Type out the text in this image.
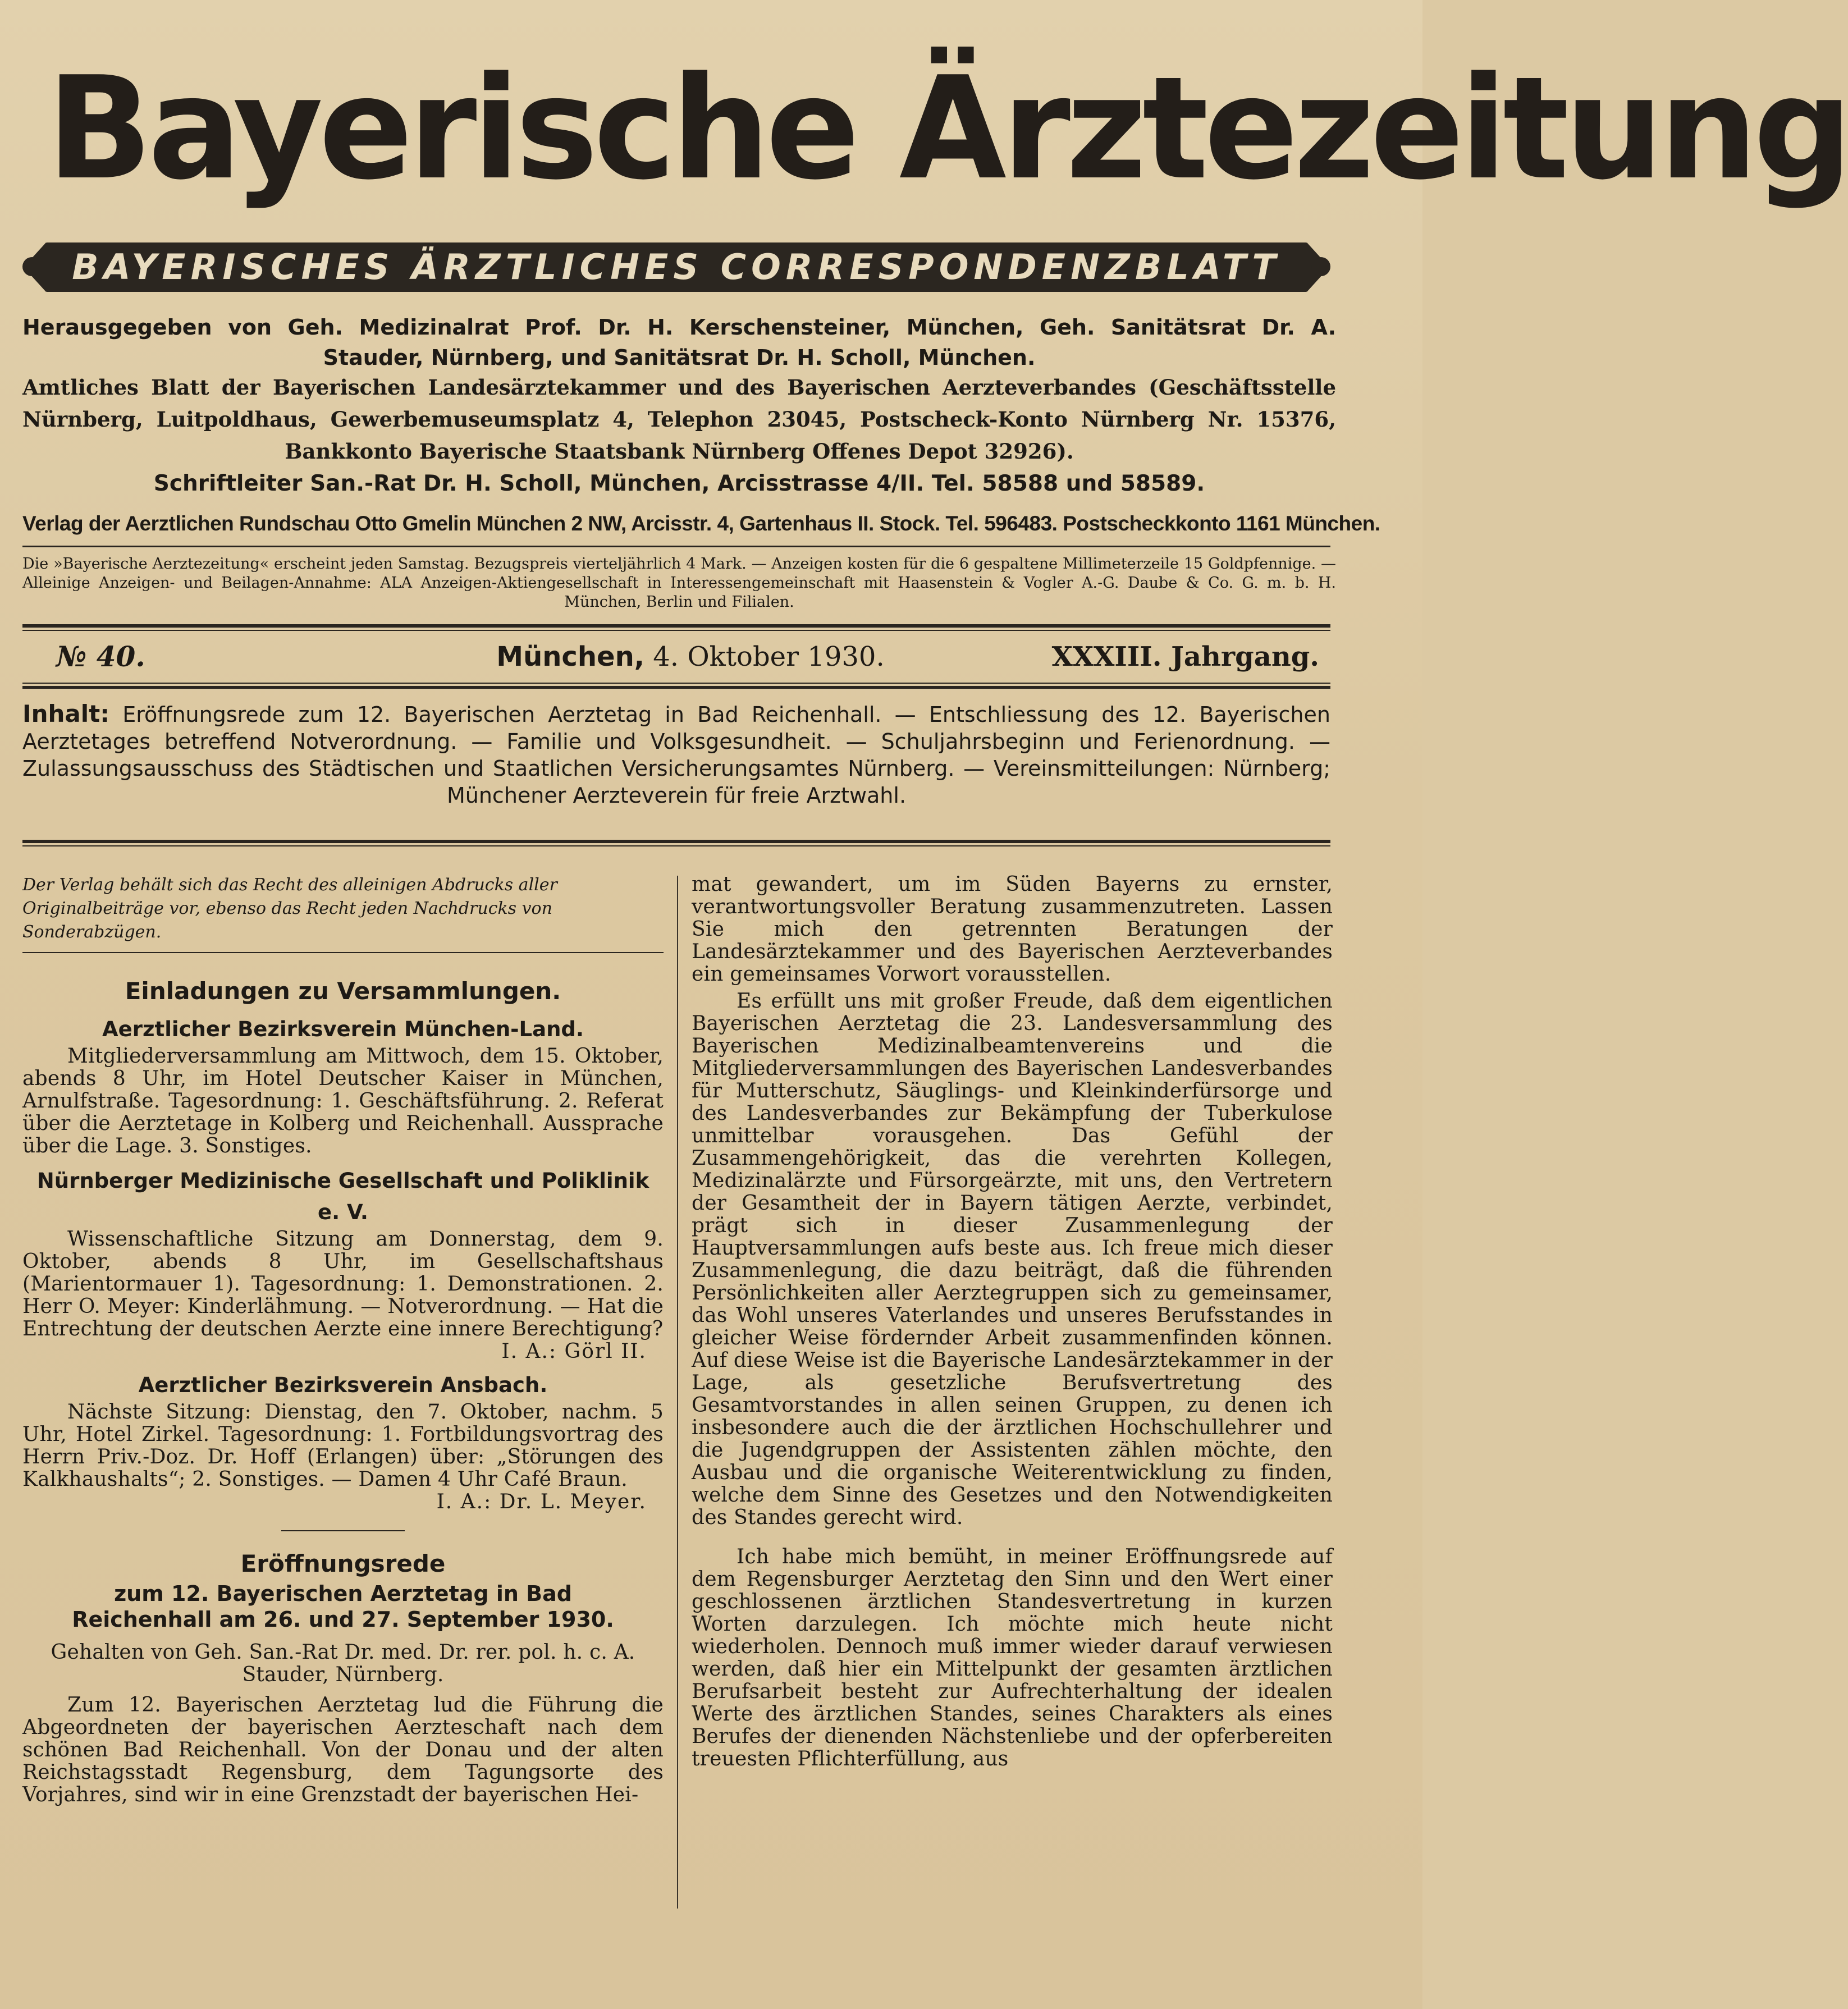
Bayerische Ärztezeitung
BAYERISCHES ÄRZTLICHES CORRESPONDENZBLATT
Herausgegeben von Geh. Medizinalrat Prof. Dr. H. Kerschensteiner, München, Geh. Sanitätsrat Dr. A. Stauder, Nürnberg, und Sanitätsrat Dr. H. Scholl, München.
Amtliches Blatt der Bayerischen Landesärztekammer und des Bayerischen Aerzteverbandes (Geschäftsstelle Nürnberg, Luitpoldhaus, Gewerbemuseumsplatz 4, Telephon 23045, Postscheck-Konto Nürnberg Nr. 15376, Bankkonto Bayerische Staatsbank Nürnberg Offenes Depot 32926).
Schriftleiter San.-Rat Dr. H. Scholl, München, Arcisstrasse 4/II. Tel. 58588 und 58589.
Verlag der Aerztlichen Rundschau Otto Gmelin München 2 NW, Arcisstr. 4, Gartenhaus II. Stock. Tel. 596483. Postscheckkonto 1161 München.
Die »Bayerische Aerztezeitung« erscheint jeden Samstag. Bezugspreis vierteljährlich 4 Mark. — Anzeigen kosten für die 6 gespaltene Millimeterzeile 15 Goldpfennige. — Alleinige Anzeigen- und Beilagen-Annahme: ALA Anzeigen-Aktiengesellschaft in Interessengemeinschaft mit Haasenstein & Vogler A.-G. Daube & Co. G. m. b. H. München, Berlin und Filialen.
№ 40.	München, 4. Oktober 1930.	XXXIII. Jahrgang.
Inhalt: Eröffnungsrede zum 12. Bayerischen Aerztetag in Bad Reichenhall. — Entschliessung des 12. Bayerischen Aerztetages betreffend Notverordnung. — Familie und Volksgesundheit. — Schuljahrsbeginn und Ferienordnung. — Zulassungsausschuss des Städtischen und Staatlichen Versicherungsamtes Nürnberg. — Vereinsmitteilungen: Nürnberg; Münchener Aerzteverein für freie Arztwahl.
Der Verlag behält sich das Recht des alleinigen Abdrucks aller Originalbeiträge vor, ebenso das Recht jeden Nachdrucks von Sonderabzügen.
Einladungen zu Versammlungen.
Aerztlicher Bezirksverein München-Land.
Mitgliederversammlung am Mittwoch, dem 15. Oktober, abends 8 Uhr, im Hotel Deutscher Kaiser in München, Arnulfstraße. Tagesordnung: 1. Geschäftsführung. 2. Referat über die Aerztetage in Kolberg und Reichenhall. Aussprache über die Lage. 3. Sonstiges.
Nürnberger Medizinische Gesellschaft und Poliklinik e. V.
Wissenschaftliche Sitzung am Donnerstag, dem 9. Oktober, abends 8 Uhr, im Gesellschaftshaus (Marientormauer 1). Tagesordnung: 1. Demonstrationen. 2. Herr O. Meyer: Kinderlähmung. — Notverordnung. — Hat die Entrechtung der deutschen Aerzte eine innere Berechtigung?
I. A.: Görl II.
Aerztlicher Bezirksverein Ansbach.
Nächste Sitzung: Dienstag, den 7. Oktober, nachm. 5 Uhr, Hotel Zirkel. Tagesordnung: 1. Fortbildungsvortrag des Herrn Priv.-Doz. Dr. Hoff (Erlangen) über: „Störungen des Kalkhaushalts“; 2. Sonstiges. — Damen 4 Uhr Café Braun.
I. A.: Dr. L. Meyer.
Eröffnungsrede
zum 12. Bayerischen Aerztetag in Bad Reichenhall am 26. und 27. September 1930.
Gehalten von Geh. San.-Rat Dr. med. Dr. rer. pol. h. c. A. Stauder, Nürnberg.
Zum 12. Bayerischen Aerztetag lud die Führung die Abgeordneten der bayerischen Aerzteschaft nach dem schönen Bad Reichenhall. Von der Donau und der alten Reichstagsstadt Regensburg, dem Tagungsorte des Vorjahres, sind wir in eine Grenzstadt der bayerischen Hei-
mat gewandert, um im Süden Bayerns zu ernster, verantwortungsvoller Beratung zusammenzutreten. Lassen Sie mich den getrennten Beratungen der Landesärztekammer und des Bayerischen Aerzteverbandes ein gemeinsames Vorwort vorausstellen.
Es erfüllt uns mit großer Freude, daß dem eigentlichen Bayerischen Aerztetag die 23. Landesversammlung des Bayerischen Medizinalbeamtenvereins und die Mitgliederversammlungen des Bayerischen Landesverbandes für Mutterschutz, Säuglings- und Kleinkinderfürsorge und des Landesverbandes zur Bekämpfung der Tuberkulose unmittelbar vorausgehen. Das Gefühl der Zusammengehörigkeit, das die verehrten Kollegen, Medizinalärzte und Fürsorgeärzte, mit uns, den Vertretern der Gesamtheit der in Bayern tätigen Aerzte, verbindet, prägt sich in dieser Zusammenlegung der Hauptversammlungen aufs beste aus. Ich freue mich dieser Zusammenlegung, die dazu beiträgt, daß die führenden Persönlichkeiten aller Aerztegruppen sich zu gemeinsamer, das Wohl unseres Vaterlandes und unseres Berufsstandes in gleicher Weise fördernder Arbeit zusammenfinden können. Auf diese Weise ist die Bayerische Landesärztekammer in der Lage, als gesetzliche Berufsvertretung des Gesamtvorstandes in allen seinen Gruppen, zu denen ich insbesondere auch die der ärztlichen Hochschullehrer und die Jugendgruppen der Assistenten zählen möchte, den Ausbau und die organische Weiterentwicklung zu finden, welche dem Sinne des Gesetzes und den Notwendigkeiten des Standes gerecht wird.
Ich habe mich bemüht, in meiner Eröffnungsrede auf dem Regensburger Aerztetag den Sinn und den Wert einer geschlossenen ärztlichen Standesvertretung in kurzen Worten darzulegen. Ich möchte mich heute nicht wiederholen. Dennoch muß immer wieder darauf verwiesen werden, daß hier ein Mittelpunkt der gesamten ärztlichen Berufsarbeit besteht zur Aufrechterhaltung der idealen Werte des ärztlichen Standes, seines Charakters als eines Berufes der dienenden Nächstenliebe und der opferbereiten treuesten Pflichterfüllung, aus
